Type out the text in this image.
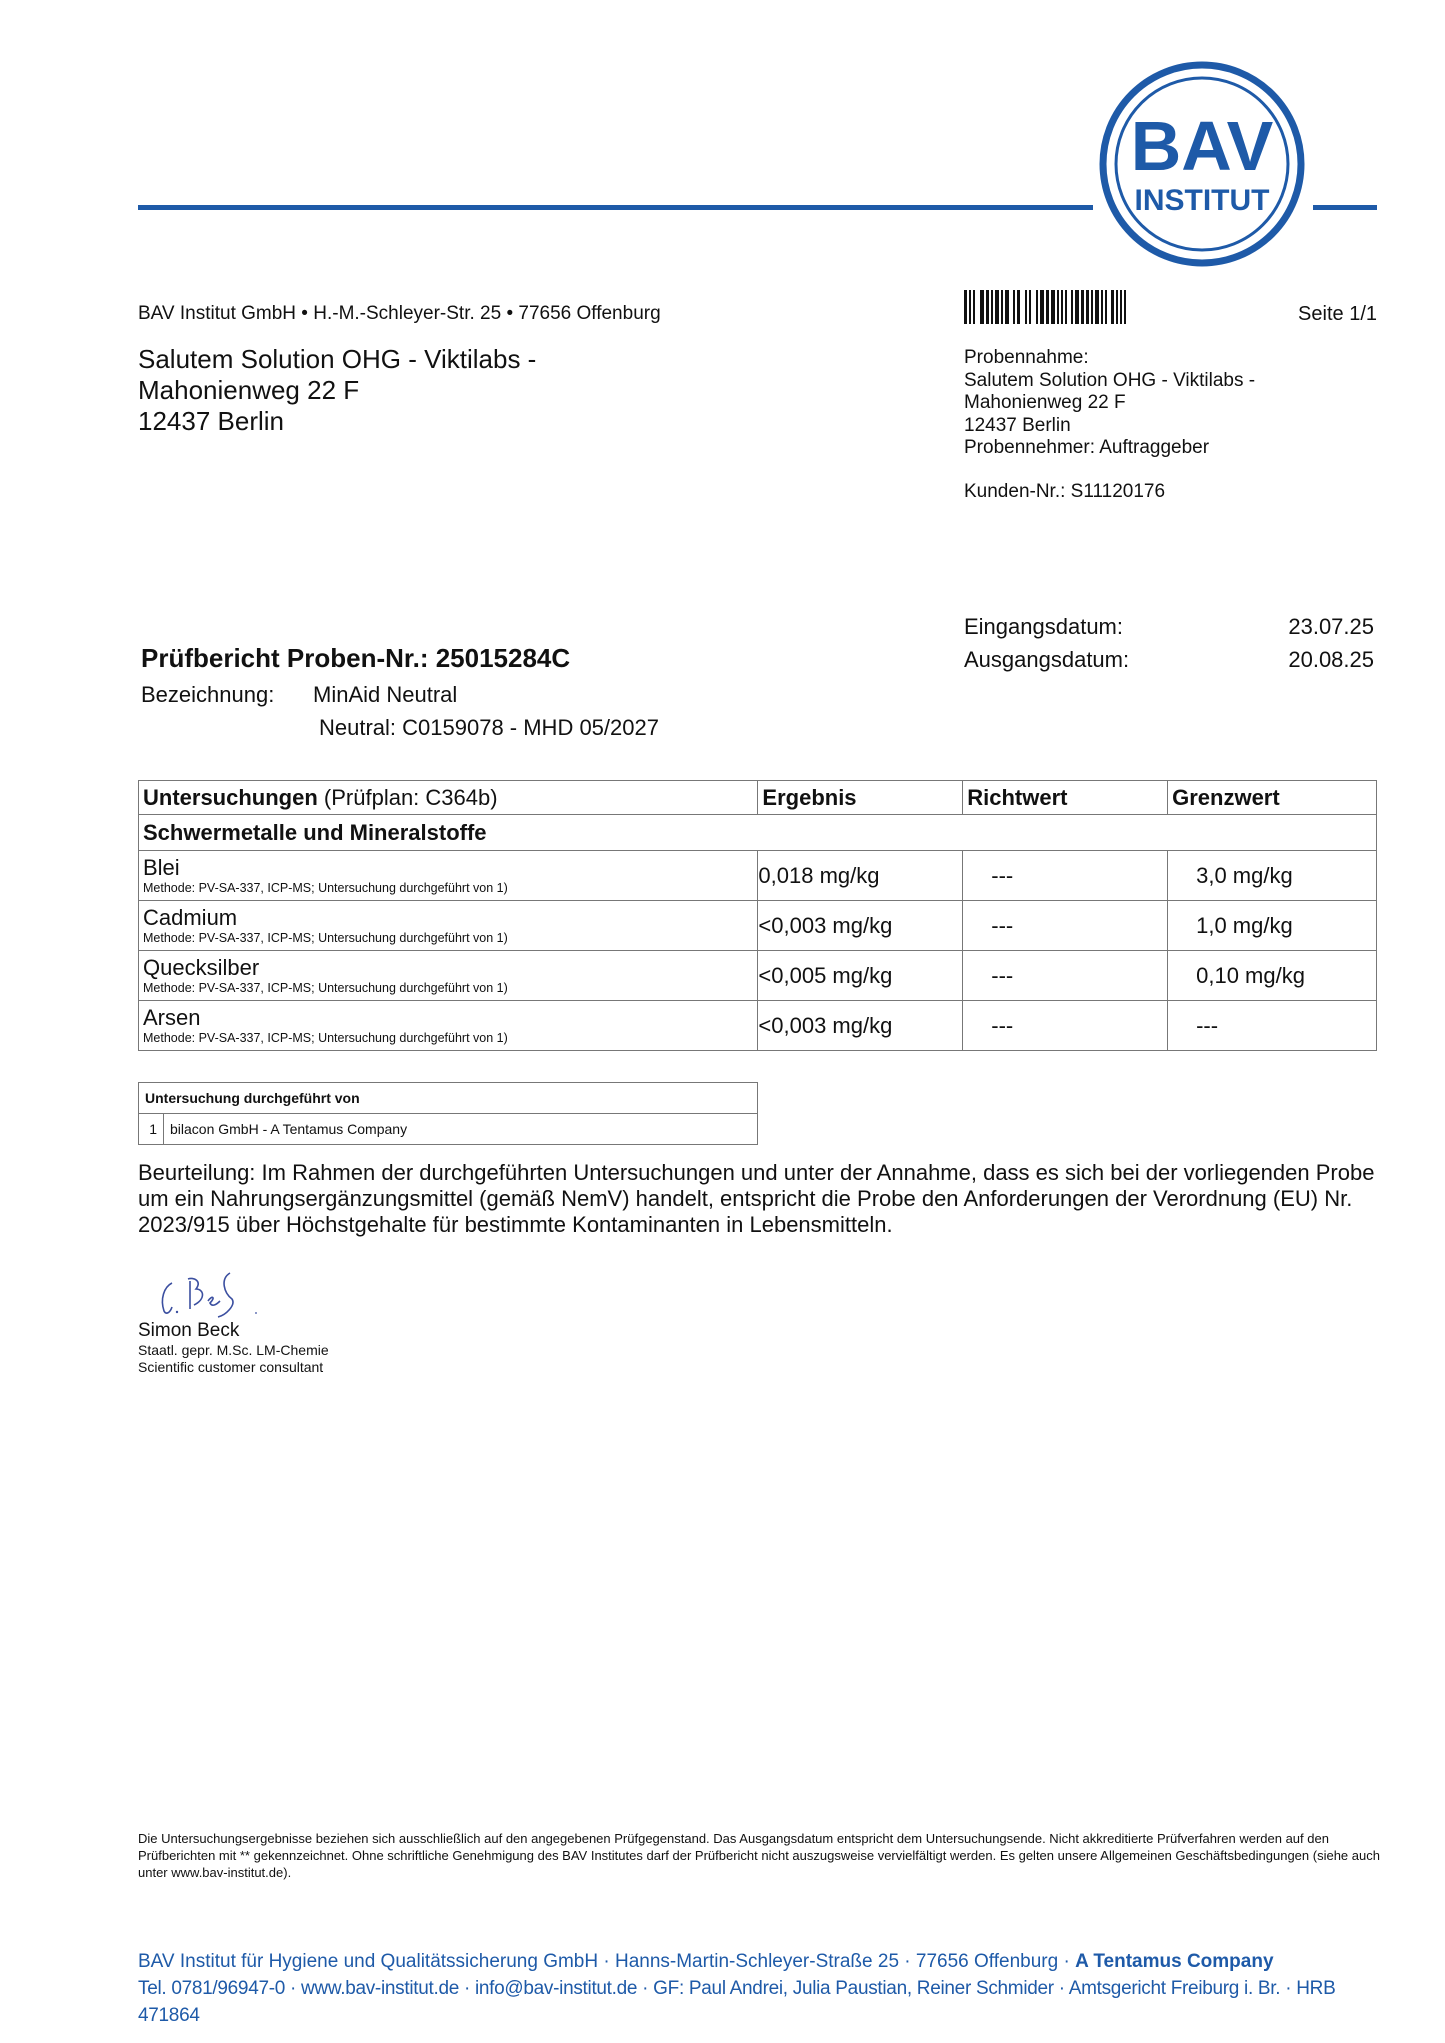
BAV
INSTITUT
BAV Institut GmbH • H.-M.-Schleyer-Str. 25 • 77656 Offenburg
Salutem Solution OHG - Viktilabs -
Mahonienweg 22 F
12437 Berlin
Seite 1/1
Probennahme:
Salutem Solution OHG - Viktilabs -
Mahonienweg 22 F
12437 Berlin
Probennehmer: Auftraggeber
Kunden-Nr.: S11120176
Eingangsdatum:	23.07.25
Ausgangsdatum:	20.08.25
Prüfbericht Proben-Nr.: 25015284C
Bezeichnung: MinAid Neutral
Neutral: C0159078 - MHD 05/2027
Untersuchungen (Prüfplan: C364b)	Ergebnis	Richtwert	Grenzwert
Schwermetalle und Mineralstoffe			

Blei
Methode: PV-SA-337, ICP-MS; Untersuchung durchgeführt von 1)	0,018 mg/kg	---	3,0 mg/kg

Cadmium
Methode: PV-SA-337, ICP-MS; Untersuchung durchgeführt von 1)	<0,003 mg/kg	---	1,0 mg/kg

Quecksilber
Methode: PV-SA-337, ICP-MS; Untersuchung durchgeführt von 1)	<0,005 mg/kg	---	0,10 mg/kg

Arsen
Methode: PV-SA-337, ICP-MS; Untersuchung durchgeführt von 1)	<0,003 mg/kg	---	---
Untersuchung durchgeführt von
1	bilacon GmbH - A Tentamus Company
Beurteilung: Im Rahmen der durchgeführten Untersuchungen und unter der Annahme, dass es sich bei der vorliegenden Probe um ein Nahrungsergänzungsmittel (gemäß NemV) handelt, entspricht die Probe den Anforderungen der Verordnung (EU) Nr. 2023/915 über Höchstgehalte für bestimmte Kontaminanten in Lebensmitteln.
Simon Beck
Staatl. gepr. M.Sc. LM-Chemie
Scientific customer consultant
Die Untersuchungsergebnisse beziehen sich ausschließlich auf den angegebenen Prüfgegenstand. Das Ausgangsdatum entspricht dem Untersuchungsende. Nicht akkreditierte Prüfverfahren werden auf den Prüfberichten mit ** gekennzeichnet. Ohne schriftliche Genehmigung des BAV Institutes darf der Prüfbericht nicht auszugsweise vervielfältigt werden. Es gelten unsere Allgemeinen Geschäftsbedingungen (siehe auch unter www.bav-institut.de).
BAV Institut für Hygiene und Qualitätssicherung GmbH · Hanns-Martin-Schleyer-Straße 25 · 77656 Offenburg · A Tentamus Company
Tel. 0781/96947-0 · www.bav-institut.de · info@bav-institut.de · GF: Paul Andrei, Julia Paustian, Reiner Schmider · Amtsgericht Freiburg i. Br. · HRB 471864
